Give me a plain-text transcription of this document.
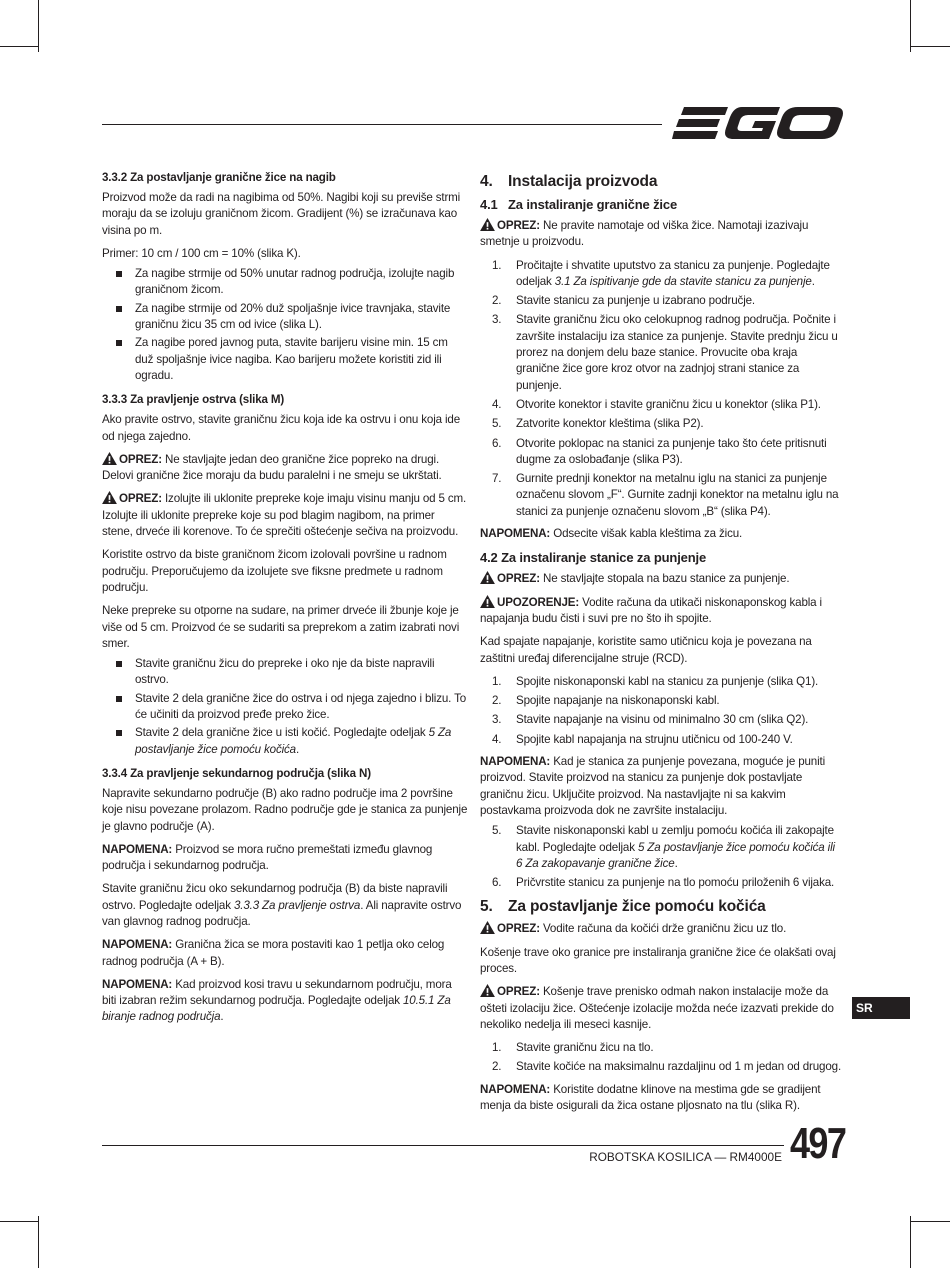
3.3.2 Za postavljanje granične žice na nagib

Proizvod može da radi na nagibima od 50%. Nagibi koji su previše strmi moraju da se izoluju graničnom žicom. Gradijent (%) se izračunava kao visina po m.

Primer: 10 cm / 100 cm = 10% (slika K).

Za nagibe strmije od 50% unutar radnog područja, izolujte nagib graničnom žicom.
Za nagibe strmije od 20% duž spoljašnje ivice travnjaka, stavite graničnu žicu 35 cm od ivice (slika L).
Za nagibe pored javnog puta, stavite barijeru visine min. 15 cm duž spoljašnje ivice nagiba. Kao barijeru možete koristiti zid ili ogradu.
3.3.3 Za pravljenje ostrva (slika M)

Ako pravite ostrvo, stavite graničnu žicu koja ide ka ostrvu i onu koja ide od njega zajedno.

OPREZ: Ne stavljajte jedan deo granične žice popreko na drugi. Delovi granične žice moraju da budu paralelni i ne smeju se ukrštati.

OPREZ: Izolujte ili uklonite prepreke koje imaju visinu manju od 5 cm. Izolujte ili uklonite prepreke koje su pod blagim nagibom, na primer stene, drveće ili korenove. To će sprečiti oštećenje sečiva na proizvodu.

Koristite ostrvo da biste graničnom žicom izolovali površine u radnom području. Preporučujemo da izolujete sve fiksne predmete u radnom području.

Neke prepreke su otporne na sudare, na primer drveće ili žbunje koje je više od 5 cm. Proizvod će se sudariti sa preprekom a zatim izabrati novi smer.

Stavite graničnu žicu do prepreke i oko nje da biste napravili ostrvo.
Stavite 2 dela granične žice do ostrva i od njega zajedno i blizu. To će učiniti da proizvod pređe preko žice.
Stavite 2 dela granične žice u isti kočić. Pogledajte odeljak 5 Za postavljanje žice pomoću kočića.
3.3.4 Za pravljenje sekundarnog područja (slika N)

Napravite sekundarno područje (B) ako radno područje ima 2 površine koje nisu povezane prolazom. Radno područje gde je stanica za punjenje je glavno područje (A).

NAPOMENA: Proizvod se mora ručno premeštati između glavnog područja i sekundarnog područja.

Stavite graničnu žicu oko sekundarnog područja (B) da biste napravili ostrvo. Pogledajte odeljak 3.3.3 Za pravljenje ostrva. Ali napravite ostrvo van glavnog radnog područja.

NAPOMENA: Granična žica se mora postaviti kao 1 petlja oko celog radnog područja (A + B).

NAPOMENA: Kad proizvod kosi travu u sekundarnom području, mora biti izabran režim sekundarnog područja. Pogledajte odeljak 10.5.1 Za biranje radnog područja.

4. Instalacija proizvoda
4.1 Za instaliranje granične žice

OPREZ: Ne pravite namotaje od viška žice. Namotaji izazivaju smetnje u proizvodu.

1. Pročitajte i shvatite uputstvo za stanicu za punjenje. Pogledajte odeljak 3.1 Za ispitivanje gde da stavite stanicu za punjenje.
2. Stavite stanicu za punjenje u izabrano područje.
3. Stavite graničnu žicu oko celokupnog radnog područja. Počnite i završite instalaciju iza stanice za punjenje. Stavite prednju žicu u prorez na donjem delu baze stanice. Provucite oba kraja granične žice gore kroz otvor na zadnjoj strani stanice za punjenje.
4. Otvorite konektor i stavite graničnu žicu u konektor (slika P1).
5. Zatvorite konektor kleštima (slika P2).
6. Otvorite poklopac na stanici za punjenje tako što ćete pritisnuti dugme za oslobađanje (slika P3).
7. Gurnite prednji konektor na metalnu iglu na stanici za punjenje označenu slovom „F“. Gurnite zadnji konektor na metalnu iglu na stanici za punjenje označenu slovom „B“ (slika P4).

NAPOMENA: Odsecite višak kabla kleštima za žicu.

4.2 Za instaliranje stanice za punjenje

OPREZ: Ne stavljajte stopala na bazu stanice za punjenje.

UPOZORENJE: Vodite računa da utikači niskonaponskog kabla i napajanja budu čisti i suvi pre no što ih spojite.

Kad spajate napajanje, koristite samo utičnicu koja je povezana na zaštitni uređaj diferencijalne struje (RCD).

1. Spojite niskonaponski kabl na stanicu za punjenje (slika Q1).
2. Spojite napajanje na niskonaponski kabl.
3. Stavite napajanje na visinu od minimalno 30 cm (slika Q2).
4. Spojite kabl napajanja na strujnu utičnicu od 100-240 V.

NAPOMENA: Kad je stanica za punjenje povezana, moguće je puniti proizvod. Stavite proizvod na stanicu za punjenje dok postavljate graničnu žicu. Uključite proizvod. Na nastavljajte ni sa kakvim postavkama proizvoda dok ne završite instalaciju.

5. Stavite niskonaponski kabl u zemlju pomoću kočića ili zakopajte kabl. Pogledajte odeljak 5 Za postavljanje žice pomoću kočića ili 6 Za zakopavanje granične žice.
6. Pričvrstite stanicu za punjenje na tlo pomoću priloženih 6 vijaka.
5. Za postavljanje žice pomoću kočića

OPREZ: Vodite računa da kočići drže graničnu žicu uz tlo.

Košenje trave oko granice pre instaliranja granične žice će olakšati ovaj proces.

OPREZ: Košenje trave prenisko odmah nakon instalacije može da ošteti izolaciju žice. Oštećenje izolacije možda neće izazvati prekide do nekoliko nedelja ili meseci kasnije.

1. Stavite graničnu žicu na tlo.
2. Stavite kočiće na maksimalnu razdaljinu od 1 m jedan od drugog.

NAPOMENA: Koristite dodatne klinove na mestima gde se gradijent menja da biste osigurali da žica ostane pljosnato na tlu (slika R).

SR
ROBOTSKA KOSILICA — RM4000E 497
